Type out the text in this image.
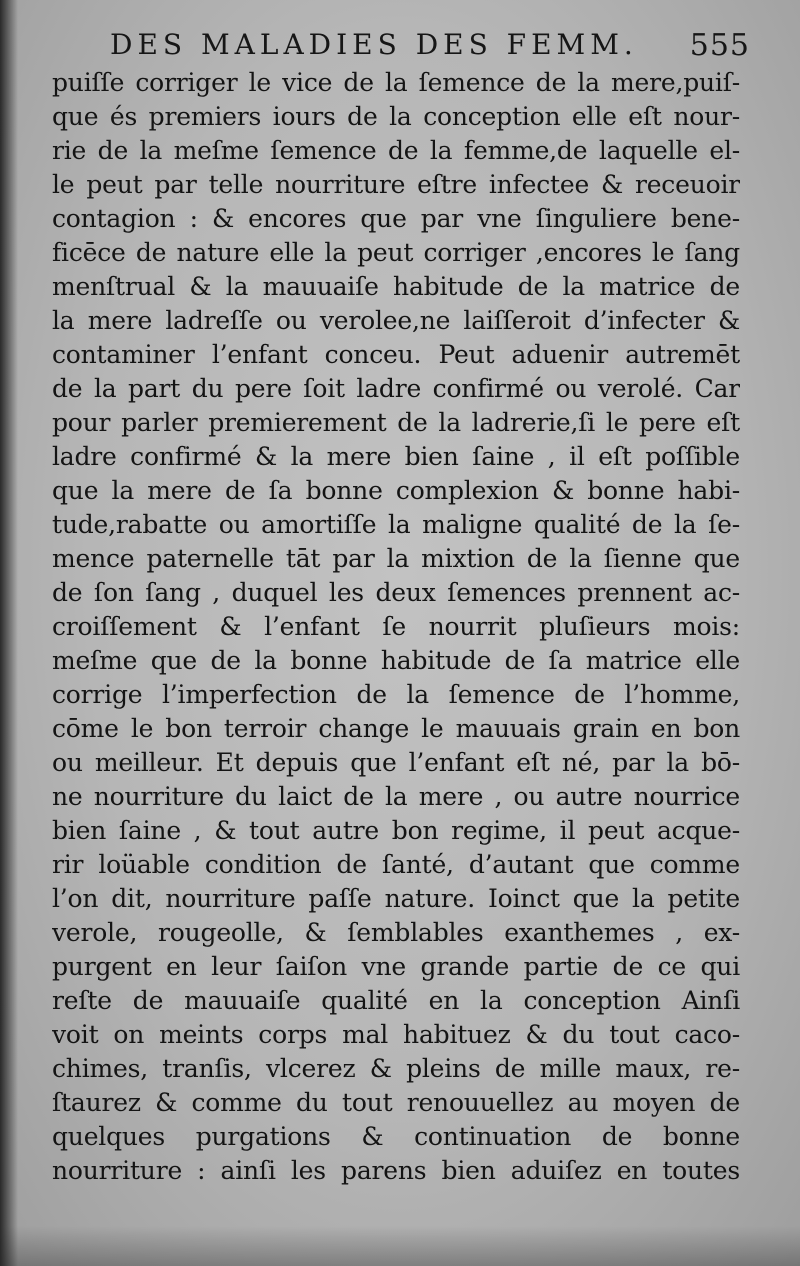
DES MALADIES DES FEMM. 555
puiſſe corriger le vice de la ſemence de la mere,puiſ-
que és premiers iours de la conception elle eſt nour-
rie de la meſme ſemence de la femme,de laquelle el-
le peut par telle nourriture eſtre infectee & receuoir
contagion : & encores que par vne ſinguliere bene-
ficēce de nature elle la peut corriger ,encores le ſang
menſtrual & la mauuaiſe habitude de la matrice de
la mere ladreſſe ou verolee,ne laiſſeroit d’infecter &
contaminer l’enfant conceu. Peut aduenir autremēt
de la part du pere ſoit ladre confirmé ou verolé. Car
pour parler premierement de la ladrerie,ſi le pere eſt
ladre confirmé & la mere bien ſaine , il eſt poſſible
que la mere de ſa bonne complexion & bonne habi-
tude,rabatte ou amortiſſe la maligne qualité de la ſe-
mence paternelle tāt par la mixtion de la ſienne que
de ſon ſang , duquel les deux ſemences prennent ac-
croiſſement & l’enfant ſe nourrit pluſieurs mois:
meſme que de la bonne habitude de ſa matrice elle
corrige l’imperfection de la ſemence de l’homme,
cōme le bon terroir change le mauuais grain en bon
ou meilleur. Et depuis que l’enfant eſt né, par la bō-
ne nourriture du laict de la mere , ou autre nourrice
bien ſaine , & tout autre bon regime, il peut acque-
rir loüable condition de ſanté, d’autant que comme
l’on dit, nourriture paſſe nature. Ioinct que la petite
verole, rougeolle, & ſemblables exanthemes , ex-
purgent en leur ſaiſon vne grande partie de ce qui
reſte de mauuaiſe qualité en la conception Ainſi
voit on meints corps mal habituez & du tout caco-
chimes, tranſis, vlcerez & pleins de mille maux, re-
ſtaurez & comme du tout renouuellez au moyen de
quelques purgations & continuation de bonne
nourriture : ainſi les parens bien aduiſez en toutes
